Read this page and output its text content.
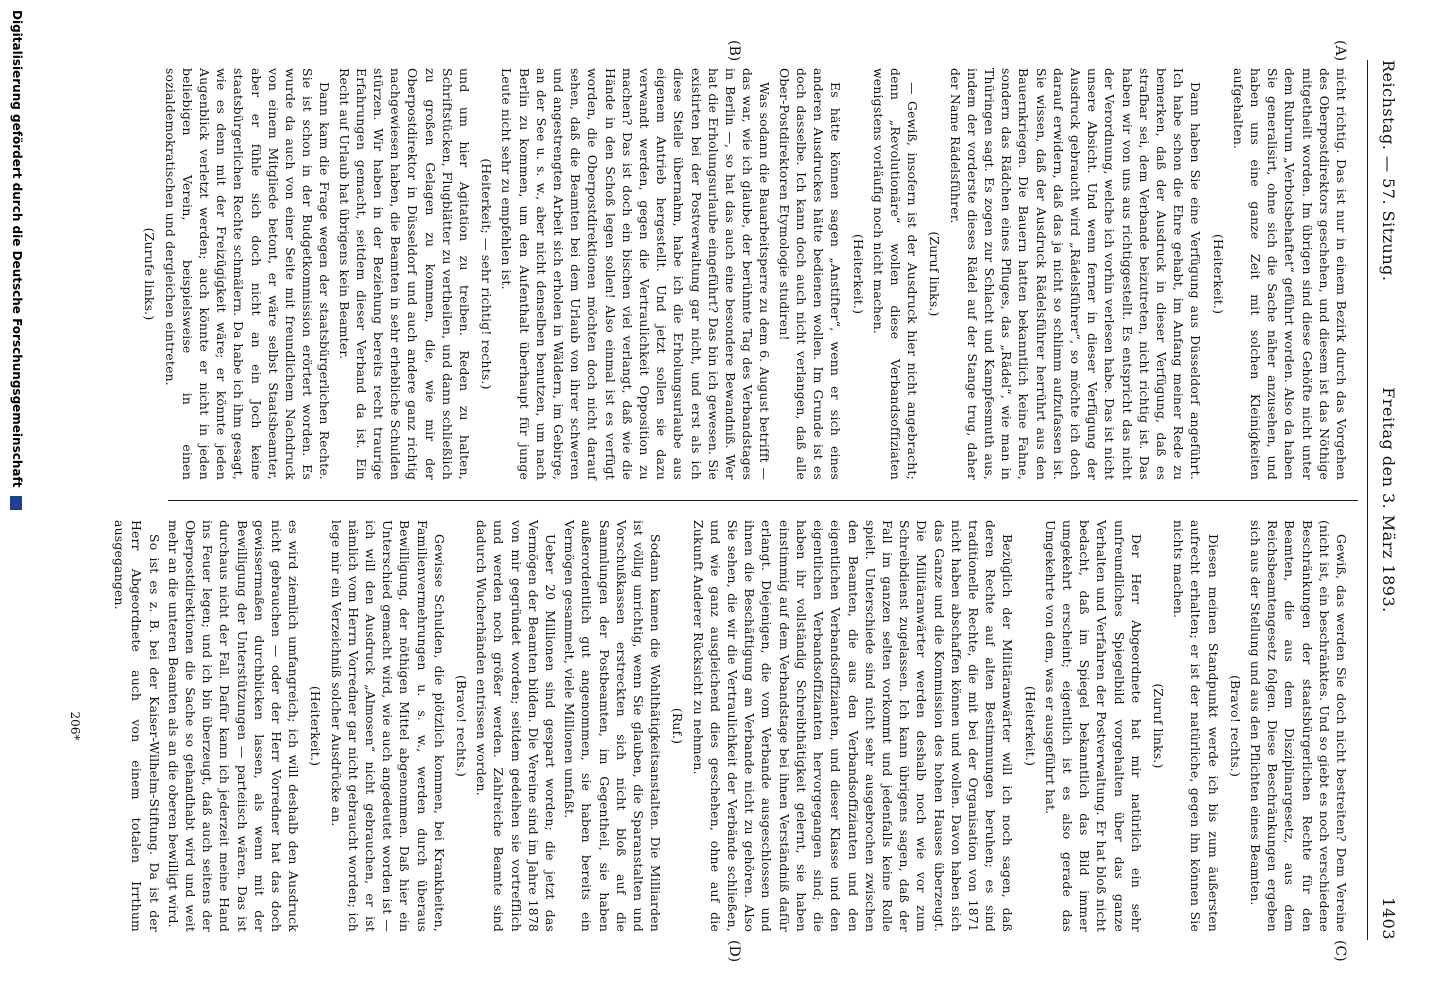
Reichstag. — 57. Sitzung.
Freitag den 3. März 1893.
1403
(A)
(B)
(C)
(D)

nicht richtig. Das ist nur in einem Bezirk durch das Vorgehen des Oberpostdirektors geschehen, und diesem ist das Nöthige mitgetheilt worden. Im übrigen sind diese Gehöfte nicht unter dem Rubrum „Verbotsbehaftet“ geführt worden. Also da haben Sie generalisirt, ohne sich die Sache näher anzusehen, und haben uns eine ganze Zeit mit solchen Kleinigkeiten aufgehalten.

(Heiterkeit.)

Dann haben Sie eine Verfügung aus Düsseldorf angeführt. Ich habe schon die Ehre gehabt, im Anfang meiner Rede zu bemerken, daß der Ausdruck in dieser Verfügung, daß es strafbar sei, dem Verbande beizutreten, nicht richtig ist. Das haben wir von uns aus richtiggestellt. Es entspricht das nicht der Verordnung, welche ich vorhin verlesen habe. Das ist nicht unsere Absicht. Und wenn ferner in dieser Verfügung der Ausdruck gebraucht wird „Rädelsführer“, so möchte ich doch darauf erwidern, daß das ja nicht so schlimm aufzufassen ist. Sie wissen, daß der Ausdruck Rädelsführer herrührt aus den Bauernkriegen. Die Bauern hatten bekanntlich keine Fahne, sondern das Rädchen eines Pfluges, das „Rädel“, wie man in Thüringen sagt. Es zogen zur Schlacht und Kampfesmuth aus, indem der vorderste dieses Rädel auf der Stange trug, daher der Name Rädelsführer.

(Zuruf links.)

— Gewiß, insofern ist der Ausdruck hier nicht angebracht; denn „Revolutionäre“ wollen diese Verbandsoffiziaten wenigstens vorläufig noch nicht machen.

(Heiterkeit.)

Es hätte können sagen „Anstifter“, wenn er sich eines anderen Ausdruckes hätte bedienen wollen. Im Grunde ist es doch dasselbe. Ich kann doch auch nicht verlangen, daß alle Ober-Postdirektoren Etymologie studiren!

Was sodann die Bauarbeitsperre zu dem 6. August betrifft — das war, wie ich glaube, der berühmte Tag des Verbandstages in Berlin —, so hat das auch eine besondere Bewandniß. Wer hat die Erholungsurlaube eingeführt? Das bin ich gewesen. Sie existirten bei der Postverwaltung gar nicht, und erst als ich diese Stelle übernahm, habe ich die Erholungsurlaube aus eigenem Antrieb hergestellt. Und jetzt sollen sie dazu verwandt werden, gegen die Vertraulichkeit Opposition zu machen? Das ist doch ein bischen viel verlangt, daß wie die Hände in den Schoß legen sollen! Also einmal ist es verfügt worden, die Oberpostdirektionen möchten doch nicht darauf sehen, daß die Beamten bei dem Urlaub von ihrer schweren und angestrengten Arbeit sich erholen in Wäldern, im Gebirge, an der See u. s. w., aber nicht denselben benutzen, um nach Berlin zu kommen, um den Aufenthalt überhaupt für junge Leute nicht sehr zu empfehlen ist.

(Heiterkeit; — sehr richtig! rechts.)

und um hier Agitation zu treiben. Reden zu halten, Schriftstücken, Flugblätter zu vertheilen, und dann schließlich zu großen Gelagen zu kommen, die, wie mir der Oberpostdirektor in Düsseldorf und auch andere ganz richtig nachgewiesen haben, die Beamten in sehr erhebliche Schulden stürzen. Wir haben in der Beziehung bereits recht traurige Erfahrungen gemacht, seitdem dieser Verband da ist. Ein Recht auf Urlaub hat übrigens kein Beamter.

Dann kam die Frage wegen der staatsbürgerlichen Rechte. Sie ist schon in der Budgetkommission erörtert worden. Es wurde da auch von einer Seite mit freundlichem Nachdruck von einem Mitgliede betont, er wäre selbst Staatsbeamter, aber er fühle sich doch nicht an ein Joch keine staatsbürgerlichen Rechte schmälern. Da habe ich ihm gesagt, wie es denn mit der Freizügigkeit wäre; er könnte jeden Augenblick verletzt werden; auch könnte er nicht in jeden beliebigen Verein, beispielsweise in einen sozialdemokratischen und dergleichen eintreten.

(Zurufe links.)

Gewiß, das werden Sie doch nicht bestreiten? Dem Vereine (nicht ist, ein beschränktes. Und so giebt es noch verschiedene Beschränkungen der staatsbürgerlichen Rechte für den Beamten, die aus dem Disziplinargesetz, aus dem Reichsbeamtengesetz folgen. Diese Beschränkungen ergeben sich aus der Stellung und aus den Pflichten eines Beamten.

(Bravo! rechts.)

Diesen meinen Standpunkt werde ich bis zum äußersten aufrecht erhalten; er ist der natürliche, gegen ihn können Sie nichts machen.

(Zuruf links.)

Der Herr Abgeordnete hat mir natürlich ein sehr unfreundliches Spiegelbild vorgehalten über das ganze Verhalten und Verfahren der Postverwaltung. Er hat bloß nicht bedacht, daß im Spiegel bekanntlich das Bild immer umgekehrt erscheint; eigentlich ist es also gerade das Umgekehrte von dem, was er ausgeführt hat.

(Heiterkeit.)

Bezüglich der Militäranwärter will ich noch sagen, daß deren Rechte auf alten Bestimmungen beruhen; es sind traditionelle Rechte, die mit bei der Organisation von 1871 nicht haben abschaffen können und wollen. Davon haben sich das Ganze und die Kommission des hohen Hauses überzeugt. Die Militäranwärter werden deshalb noch wie vor zum Schreibdienst zugelassen. Ich kann übrigens sagen, daß der Fall im ganzen selten vorkommt und jedenfalls keine Rolle spielt. Unterschiede sind nicht sehr ausgebrochen zwischen den Beamten, die aus den Verbandsoffizianten und den eigentlichen Verbandsoffizianten, und dieser Klasse und den eigentlichen Verbandsoffizianten hervorgegangen sind; die haben ihr vollständig Schreibthätigkeit gelernt, sie haben einstimmig auf dem Verbandstage bei ihnen Verständniß dafür erlangt. Diejenigen, die vom Verbande ausgeschlossen und ihnen die Beschäftigung am Verbande nicht zu gehören. Also Sie sehen, die wir die Vertraulichkeit der Verbände schließen, und wie ganz ausgleichend dies geschehen, ohne auf die Zukunft Anderer Rücksicht zu nehmen.

(Ruf.)

Sodann kamen die Wohlthätigkeitsanstalten. Die Milliarden ist völlig unrichtig, wenn Sie glauben, die Sparanstalten und Vorschußkassen erstreckten sich nicht bloß auf die Sammlungen der Postbeamten, im Gegentheil, sie haben außerordentlich gut angenommen, sie haben bereits ein Vermögen gesammelt, viele Millionen umfaßt.

Ueber 20 Millionen sind gespart worden; die jetzt das Vermögen der Beamten bilden. Die Vereine sind im Jahre 1878 von mir gegründet worden; seitdem gedeihen sie vortrefflich und werden noch größer werden. Zahlreiche Beamte sind dadurch Wucherhänden entrissen worden.

(Bravo! rechts.)

Gewisse Schulden, die plötzlich kommen, bei Krankheiten, Familienvermehrungen u. s. w., werden durch überaus Bewilligung, der nöthigen Mittel abgenommen. Daß hier ein Unterschied gemacht wird, wie auch angedeutet worden ist — ich will den Ausdruck „Almosen“ nicht gebrauchen, er ist nämlich vom Herrn Vorredner gar nicht gebraucht worden; ich lege mir ein Verzeichniß solcher Ausdrücke an.

(Heiterkeit.)

es wird ziemlich umfangreich; ich will deshalb den Ausdruck nicht gebrauchen — oder der Herr Vorredner hat das doch gewissermaßen durchblicken lassen, als wenn mit der Bewilligung der Unterstützungen — parteiisch wären. Das ist durchaus nicht der Fall. Dafür kann ich jederzeit meine Hand ins Feuer legen; und ich bin überzeugt, daß auch seitens der Oberpostdirektionen die Sache so gehandhabt wird und weit mehr an die unteren Beamten als an die oberen bewilligt wird.

So ist es z. B. bei der Kaiser-Wilhelm-Stiftung. Da ist der Herr Abgeordnete auch von einem totalen Irrthum ausgegangen.

206*
Digitalisierung gefördert durch die Deutsche Forschungsgemeinschaft
